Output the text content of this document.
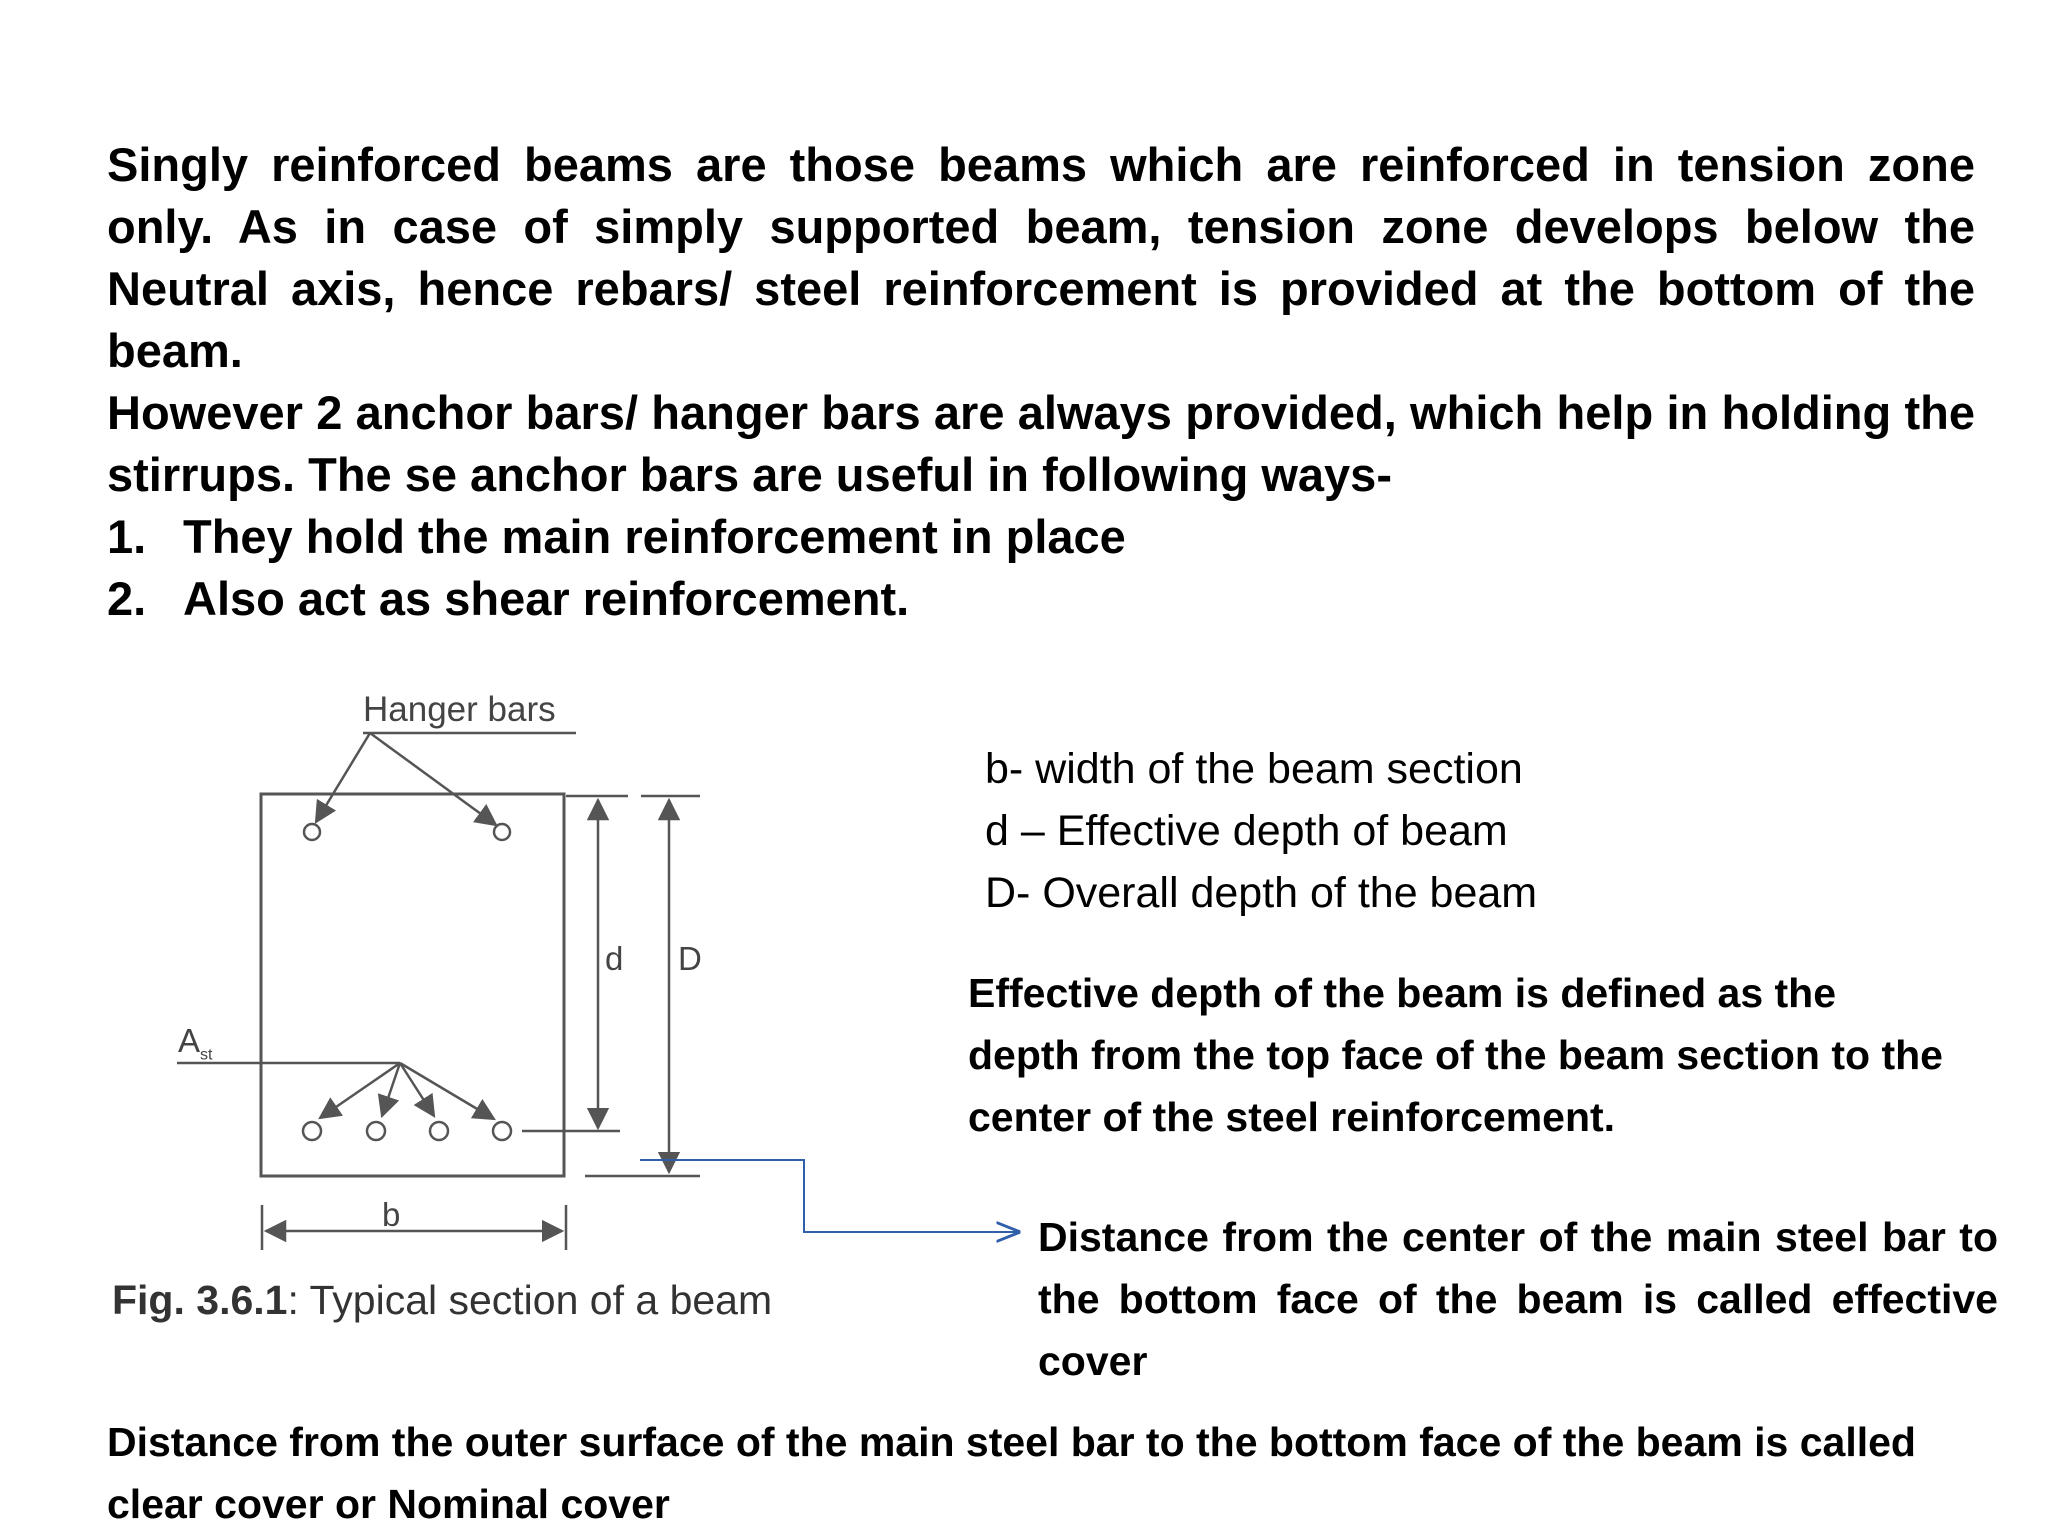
Singly reinforced beams are those beams which are reinforced in tension zone only. As in case of simply supported beam, tension zone develops below the Neutral axis, hence rebars/ steel reinforcement is provided at the bottom of the beam.

However 2 anchor bars/ hanger bars are always provided, which help in holding the stirrups. The se anchor bars are useful in following ways-

1. They hold the main reinforcement in place
2. Also act as shear reinforcement.
Hanger bars
d D
$A_{st}$
b
Fig. 3.6.1: Typical section of a beam
b- width of the beam section
d – Effective depth of beam
D- Overall depth of the beam
Effective depth of the beam is defined as the depth from the top face of the beam section to the center of the steel reinforcement.
Distance from the center of the main steel bar to the bottom face of the beam is called effective cover
Distance from the outer surface of the main steel bar to the bottom face of the beam is called clear cover or Nominal cover
